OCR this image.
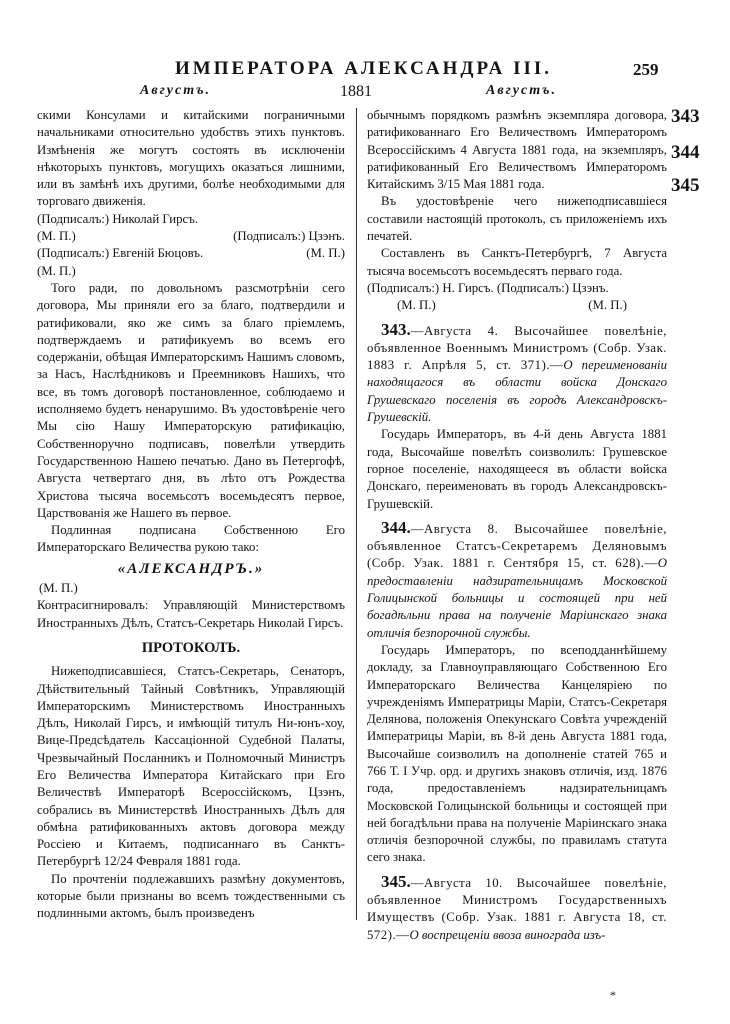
ИМПЕРАТОРА АЛЕКСАНДРА III.	259
Августъ.	1881	Августъ.

скими Консулами и китайскими пограничными начальниками относительно удобствъ этихъ пунктовъ. Измѣненія же могутъ состоять въ исключеніи нѣкоторыхъ пунктовъ, могущихъ оказаться лишними, или въ замѣнѣ ихъ другими, болѣе необходимыми для торговаго движенія.

(Подписалъ:) Николай Гирсъ.
(М. П.)	(Подписалъ:) Цзэнъ.
(Подписалъ:) Евгеній Бюцовъ.	(М. П.)
(М. П.)

Того ради, по довольномъ разсмотрѣніи сего договора, Мы приняли его за благо, подтвердили и ратификовали, яко же симъ за благо пріемлемъ, подтверждаемъ и ратификуемъ во всемъ его содержаніи, обѣщая Императорскимъ Нашимъ словомъ, за Насъ, Наслѣдниковъ и Преемниковъ Нашихъ, что все, въ томъ договорѣ постановленное, соблюдаемо и исполняемо будетъ ненарушимо. Въ удостовѣреніе чего Мы сію Нашу Императорскую ратификацію, Собственноручно подписавъ, повелѣли утвердить Государственною Нашею печатью. Дано въ Петергофѣ, Августа четвертаго дня, въ лѣто отъ Рождества Христова тысяча восемьсотъ восемьдесятъ первое, Царствованія же Нашего въ первое.

Подлинная подписана Собственною Его Императорскаго Величества рукою тако:

«АЛЕКСАНДРЪ.»
(М. П.)

Контрасигнировалъ: Управляющій Министерствомъ Иностранныхъ Дѣлъ, Статсъ-Секретарь Николай Гирсъ.

ПРОТОКОЛЪ.

Нижеподписавшіеся, Статсъ-Секретарь, Сенаторъ, Дѣйствительный Тайный Совѣтникъ, Управляющій Императорскимъ Министерствомъ Иностранныхъ Дѣлъ, Николай Гирсъ, и имѣющій титулъ Ни-юнъ-хоу, Вице-Предсѣдатель Кассаціонной Судебной Палаты, Чрезвычайный Посланникъ и Полномочный Министръ Его Величества Императора Китайскаго при Его Величествѣ Императорѣ Всероссійскомъ, Цзэнъ, собрались въ Министерствѣ Иностранныхъ Дѣлъ для обмѣна ратификованныхъ актовъ договора между Россіею и Китаемъ, подписаннаго въ Санктъ-Петербургѣ 12/24 Февраля 1881 года.

По прочтеніи подлежавшихъ размѣну документовъ, которые были признаны во всемъ тождественными съ подлинными актомъ, былъ произведенъ

обычнымъ порядкомъ размѣнъ экземпляра договора, ратификованнаго Его Величествомъ Императоромъ Всероссійскимъ 4 Августа 1881 года, на экземпляръ, ратификованный Его Величествомъ Императоромъ Китайскимъ 3/15 Мая 1881 года.

Въ удостовѣреніе чего нижеподписавшіеся составили настоящій протоколъ, съ приложеніемъ ихъ печатей.

Составленъ въ Санктъ-Петербургѣ, 7 Августа тысяча восемьсотъ восемьдесятъ перваго года.

(Подписалъ:) Н. Гирсъ. (Подписалъ:) Цзэнъ.
(М. П.)	(М. П.)

343.—Августа 4. Высочайшее повелѣніе, объявленное Военнымъ Министромъ (Собр. Узак. 1883 г. Апрѣля 5, ст. 371).—О переименованіи находящагося въ области войска Донскаго Грушевскаго поселенія въ городъ Александровскъ-Грушевскій.

Государь Императоръ, въ 4-й день Августа 1881 года, Высочайше повелѣть соизволилъ: Грушевское горное поселеніе, находящееся въ области войска Донскаго, переименовать въ городъ Александровскъ-Грушевскій.

344.—Августа 8. Высочайшее повелѣніе, объявленное Статсъ-Секретаремъ Деляновымъ (Собр. Узак. 1881 г. Сентября 15, ст. 628).—О предоставленіи надзирательницамъ Московской Голицынской больницы и состоящей при ней богадѣльни права на полученіе Маріинскаго знака отличія безпорочной службы.

Государь Императоръ, по всеподданнѣйшему докладу, за Главноуправляющаго Собственною Его Императорскаго Величества Канцеляріею по учрежденіямъ Императрицы Маріи, Статсъ-Секретаря Делянова, положенія Опекунскаго Совѣта учрежденій Императрицы Маріи, въ 8-й день Августа 1881 года, Высочайше соизволилъ на дополненіе статей 765 и 766 Т. I Учр. орд. и другихъ знаковъ отличія, изд. 1876 года, предоставленіемъ надзирательницамъ Московской Голицынской больницы и состоящей при ней богадѣльни права на полученіе Маріинскаго знака отличія безпорочной службы, по правиламъ статута сего знака.

345.—Августа 10. Высочайшее повелѣніе, объявленное Министромъ Государственныхъ Имуществъ (Собр. Узак. 1881 г. Августа 18, ст. 572).—О воспрещеніи ввоза винограда изъ-

*
343
344
345
